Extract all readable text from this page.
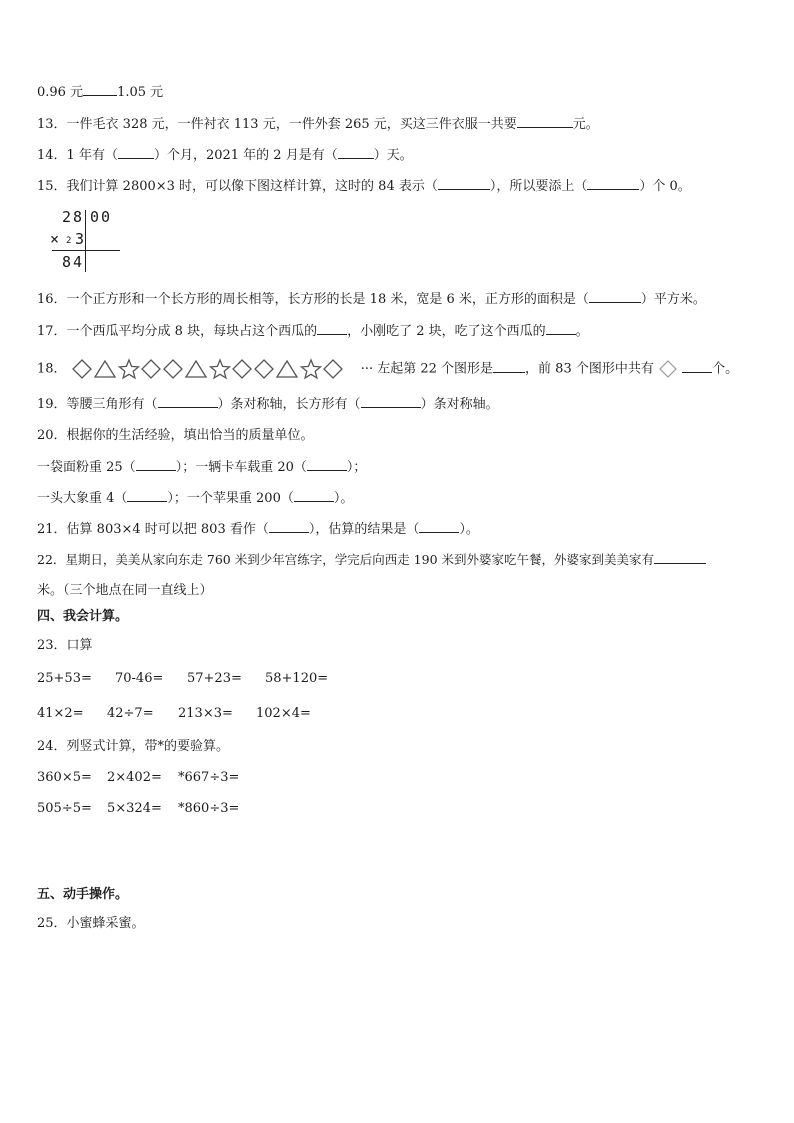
0.96 元	1.05 元
13．一件毛衣 328 元，一件衬衣 113 元，一件外套 265 元，买这三件衣服一共要	元。
14．1 年有（	）个月，2021 年的 2 月是有（	）天。
15．我们计算 2800×3 时，可以像下图这样计算，这时的 84 表示（	），所以要添上（	）个 0。
28 00
× 2 3
84
16．一个正方形和一个长方形的周长相等，长方形的长是 18 米，宽是 6 米，正方形的面积是（	）平方米。
17．一个西瓜平均分成 8 块，每块占这个西瓜的 ，小刚吃了 2 块，吃了这个西瓜的 。
18．	··· 左起第 22 个图形是 ，前 83 个图形中共有	个。
19．等腰三角形有（	）条对称轴，长方形有（	）条对称轴。
20．根据你的生活经验，填出恰当的质量单位。
一袋面粉重 25（	）；一辆卡车载重 20（	）；
一头大象重 4（	）；一个苹果重 200（	）。
21．估算 803×4 时可以把 803 看作（	），估算的结果是（	）。
22．星期日，美美从家向东走 760 米到少年宫练字，学完后向西走 190 米到外婆家吃午餐，外婆家到美美家有
米。（三个地点在同一直线上）
四、我会计算。
23．口算
25+53= 70-46= 57+23= 58+120=
41×2= 42÷7= 213×3= 102×4=
24．列竖式计算，带*的要验算。
360×5= 2×402= *667÷3=
505÷5= 5×324= *860÷3=
五、动手操作。
25．小蜜蜂采蜜。
